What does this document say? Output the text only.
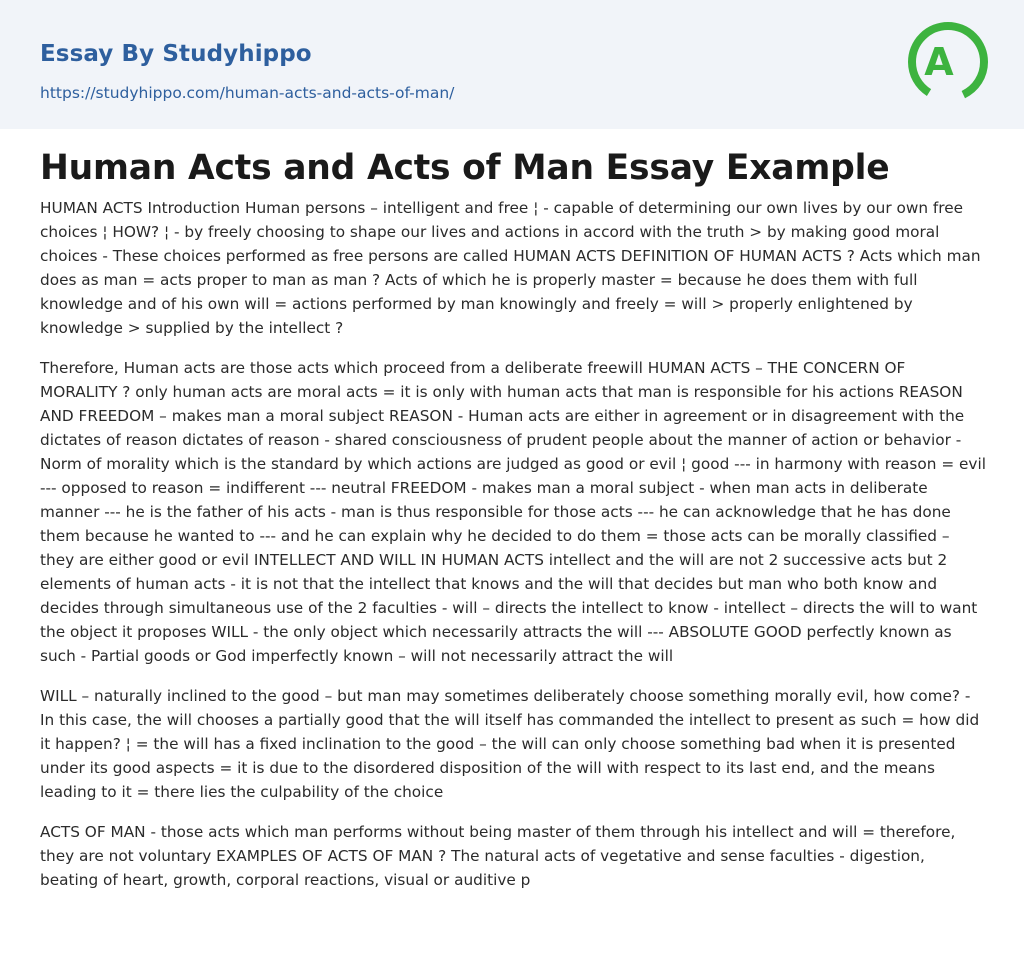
Essay By Studyhippo
https://studyhippo.com/human-acts-and-acts-of-man/
A
Human Acts and Acts of Man Essay Example

HUMAN ACTS Introduction Human persons – intelligent and free ¦ - capable of determining our own lives by our own free choices ¦ HOW? ¦ - by freely choosing to shape our lives and actions in accord with the truth > by making good moral choices - These choices performed as free persons are called HUMAN ACTS DEFINITION OF HUMAN ACTS ? Acts which man does as man = acts proper to man as man ? Acts of which he is properly master = because he does them with full knowledge and of his own will = actions performed by man knowingly and freely = will > properly enlightened by knowledge > supplied by the intellect ?

Therefore, Human acts are those acts which proceed from a deliberate freewill HUMAN ACTS – THE CONCERN OF MORALITY ? only human acts are moral acts = it is only with human acts that man is responsible for his actions REASON AND FREEDOM – makes man a moral subject REASON - Human acts are either in agreement or in disagreement with the dictates of reason dictates of reason - shared consciousness of prudent people about the manner of action or behavior - Norm of morality which is the standard by which actions are judged as good or evil ¦ good --- in harmony with reason = evil --- opposed to reason = indifferent --- neutral FREEDOM - makes man a moral subject - when man acts in deliberate manner --- he is the father of his acts - man is thus responsible for those acts --- he can acknowledge that he has done them because he wanted to --- and he can explain why he decided to do them = those acts can be morally classified – they are either good or evil INTELLECT AND WILL IN HUMAN ACTS intellect and the will are not 2 successive acts but 2 elements of human acts - it is not that the intellect that knows and the will that decides but man who both know and decides through simultaneous use of the 2 faculties - will – directs the intellect to know - intellect – directs the will to want the object it proposes WILL - the only object which necessarily attracts the will --- ABSOLUTE GOOD perfectly known as such - Partial goods or God imperfectly known – will not necessarily attract the will

WILL – naturally inclined to the good – but man may sometimes deliberately choose something morally evil, how come? - In this case, the will chooses a partially good that the will itself has commanded the intellect to present as such = how did it happen? ¦ = the will has a fixed inclination to the good – the will can only choose something bad when it is presented under its good aspects = it is due to the disordered disposition of the will with respect to its last end, and the means leading to it = there lies the culpability of the choice

ACTS OF MAN - those acts which man performs without being master of them through his intellect and will = therefore, they are not voluntary EXAMPLES OF ACTS OF MAN ? The natural acts of vegetative and sense faculties - digestion, beating of heart, growth, corporal reactions, visual or auditive p
